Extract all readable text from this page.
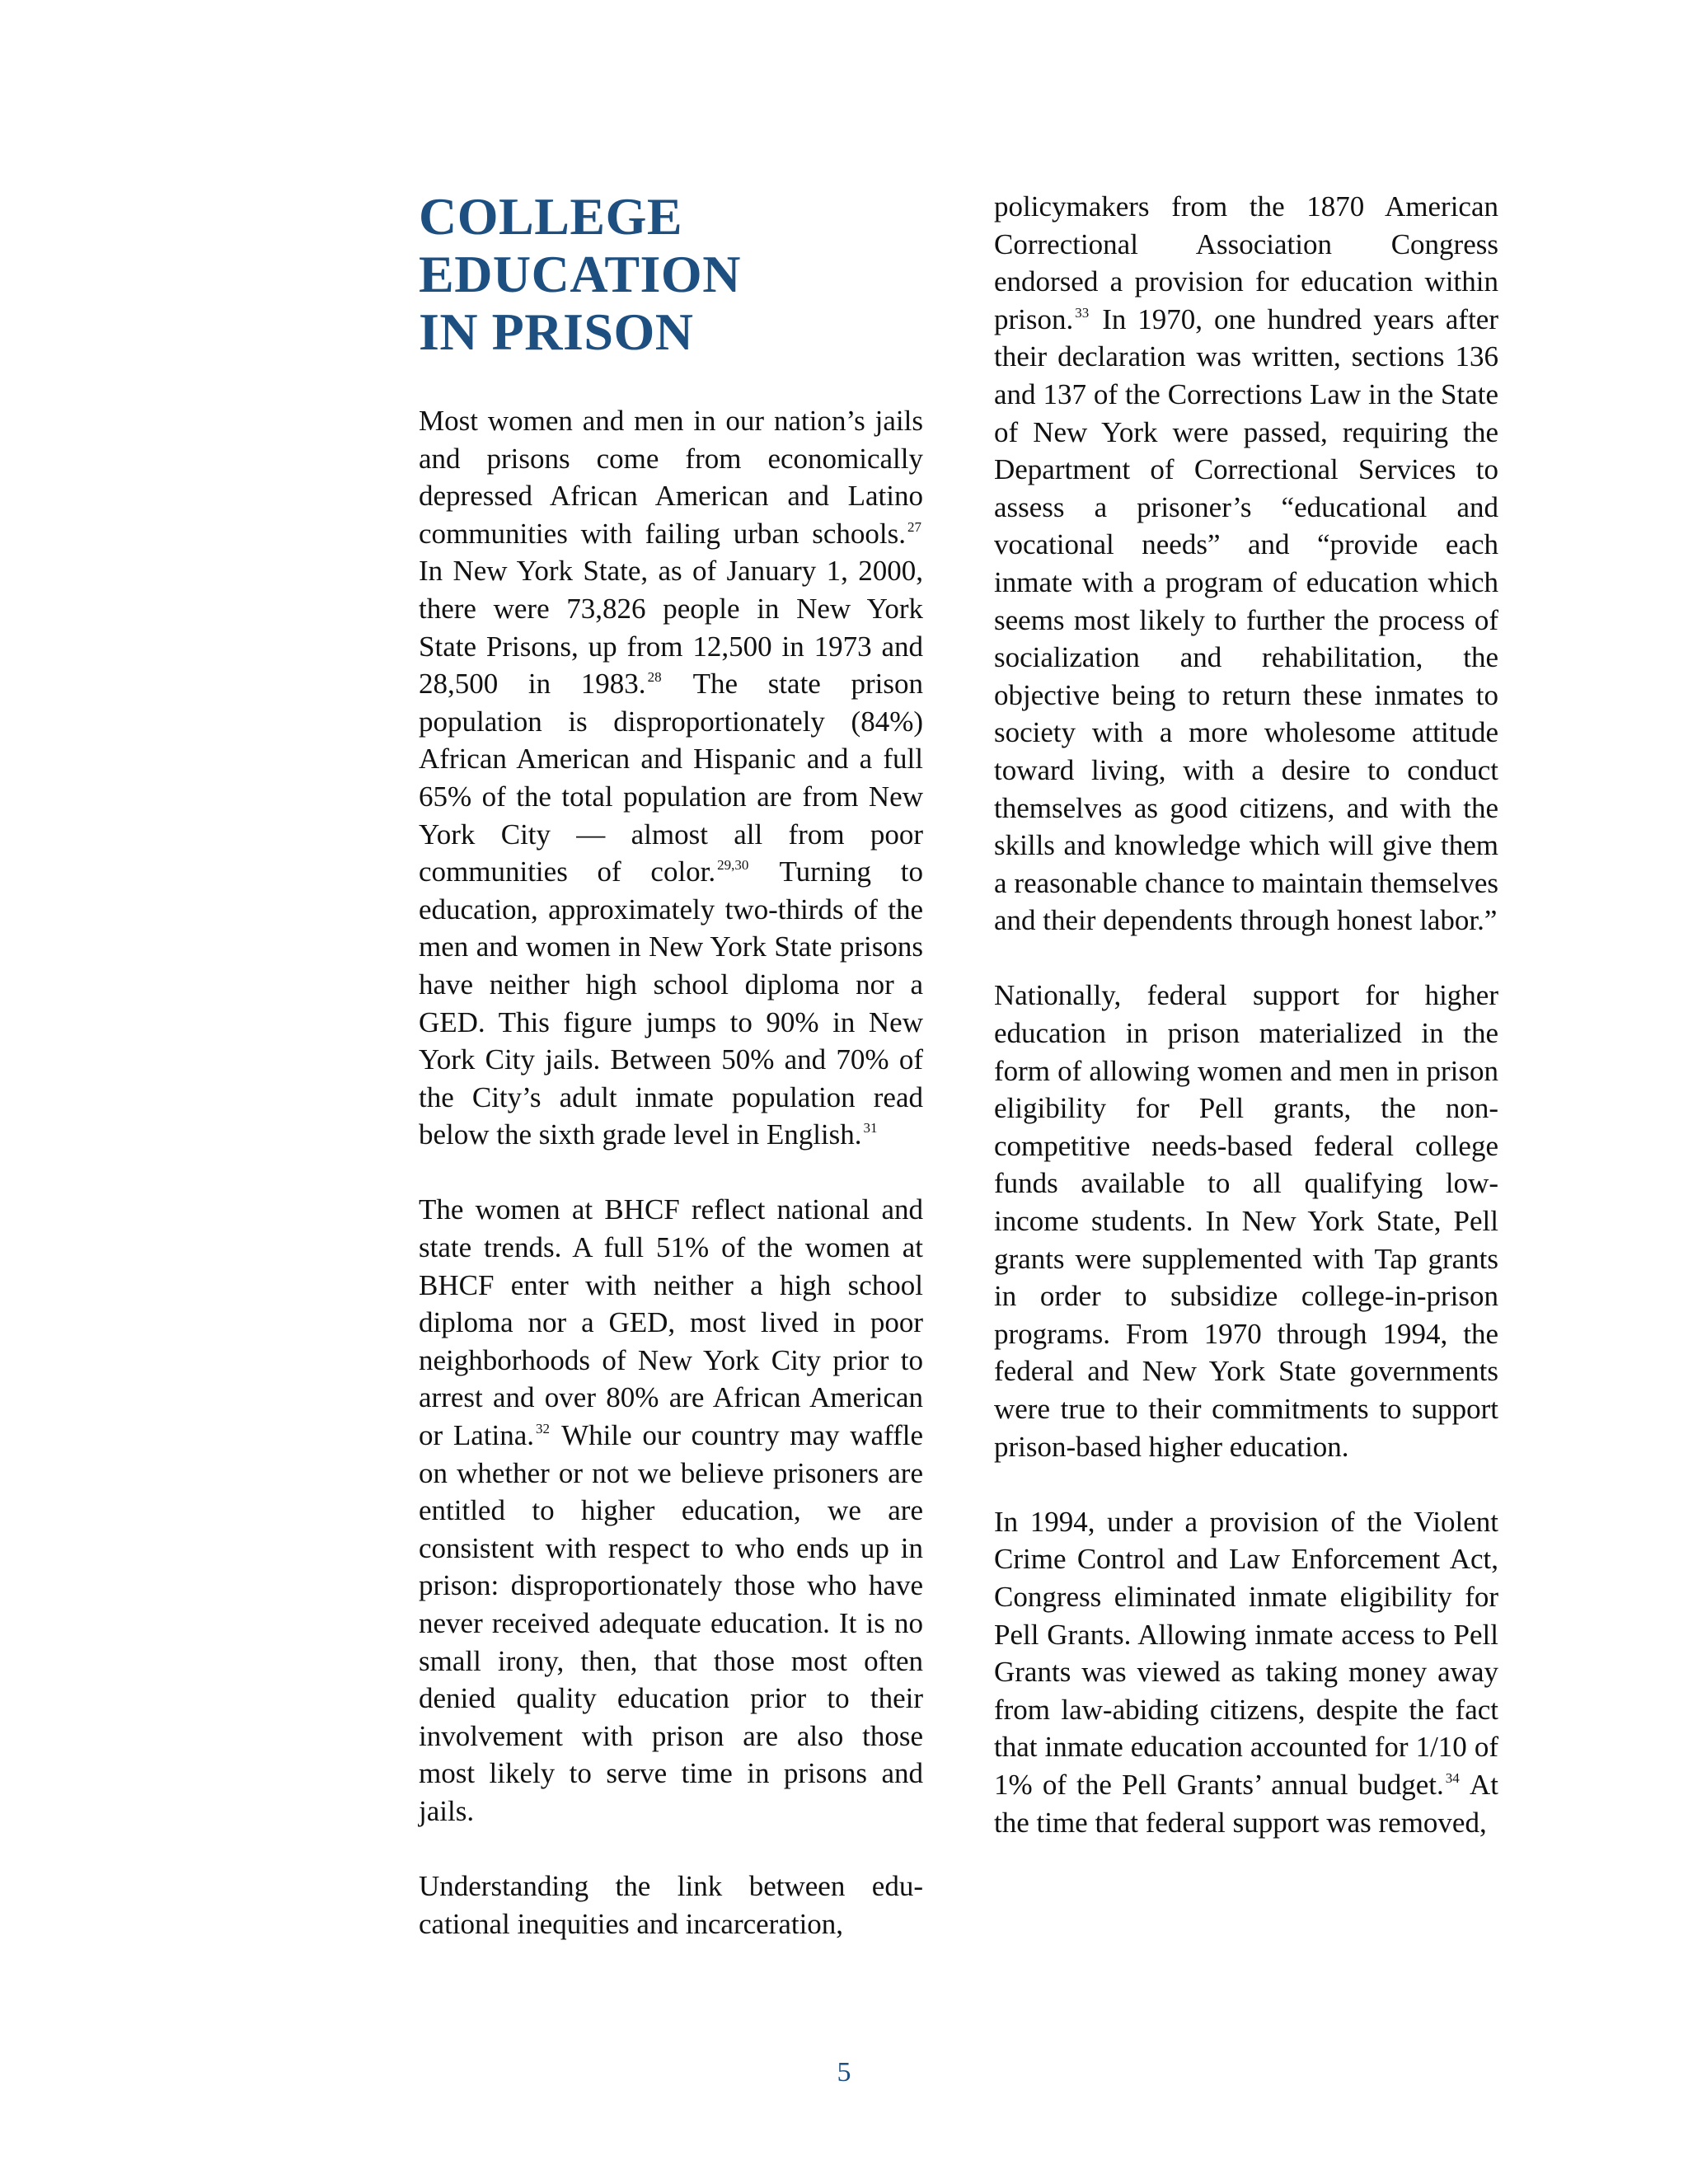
COLLEGE
EDUCATION
IN PRISON

Most women and men in our nation’s jails and prisons come from economically depressed African American and Latino communities with failing urban schools. $^{27}$ In New York State, as of January 1, 2000, there were 73,826 people in New York State Prisons, up from 12,500 in 1973 and 28,500 in 1983. $^{28}$ The state prison population is disproportionately (84%) African American and Hispanic and a full 65% of the total population are from New York City — almost all from poor communities of color. $^{29,30}$ Turning to education, approximately two-thirds of the men and women in New York State prisons have neither high school diploma nor a GED. This figure jumps to 90% in New York City jails. Between 50% and 70% of the City’s adult inmate population read below the sixth grade level in English. $^{31}$

The women at BHCF reflect national and state trends. A full 51% of the women at BHCF enter with neither a high school diploma nor a GED, most lived in poor neighborhoods of New York City prior to arrest and over 80% are African American or Latina. $^{32}$ While our country may waffle on whether or not we believe prisoners are entitled to higher education, we are consistent with respect to who ends up in prison: disproportionately those who have never received adequate education. It is no small irony, then, that those most often denied quality education prior to their involvement with prison are also those most likely to serve time in prisons and jails.

Understanding the link between educational inequities and incarceration,

policymakers from the 1870 American Correctional Association Congress endorsed a provision for education within prison. $^{33}$ In 1970, one hundred years after their declaration was written, sections 136 and 137 of the Corrections Law in the State of New York were passed, requiring the Department of Correctional Services to assess a prisoner’s “educational and vocational needs” and “provide each inmate with a program of education which seems most likely to further the process of socialization and rehabilitation, the objective being to return these inmates to society with a more wholesome attitude toward living, with a desire to conduct themselves as good citizens, and with the skills and knowledge which will give them a reasonable chance to maintain themselves and their dependents through honest labor.”

Nationally, federal support for higher education in prison materialized in the form of allowing women and men in prison eligibility for Pell grants, the non-competitive needs-based federal college funds available to all qualifying low-income students. In New York State, Pell grants were supplemented with Tap grants in order to subsidize college-in-prison programs. From 1970 through 1994, the federal and New York State governments were true to their commitments to support prison-based higher education.

In 1994, under a provision of the Violent Crime Control and Law Enforcement Act, Congress eliminated inmate eligibility for Pell Grants. Allowing inmate access to Pell Grants was viewed as taking money away from law-abiding citizens, despite the fact that inmate education accounted for 1/10 of 1% of the Pell Grants’ annual budget. $^{34}$ At the time that federal support was removed,

5
